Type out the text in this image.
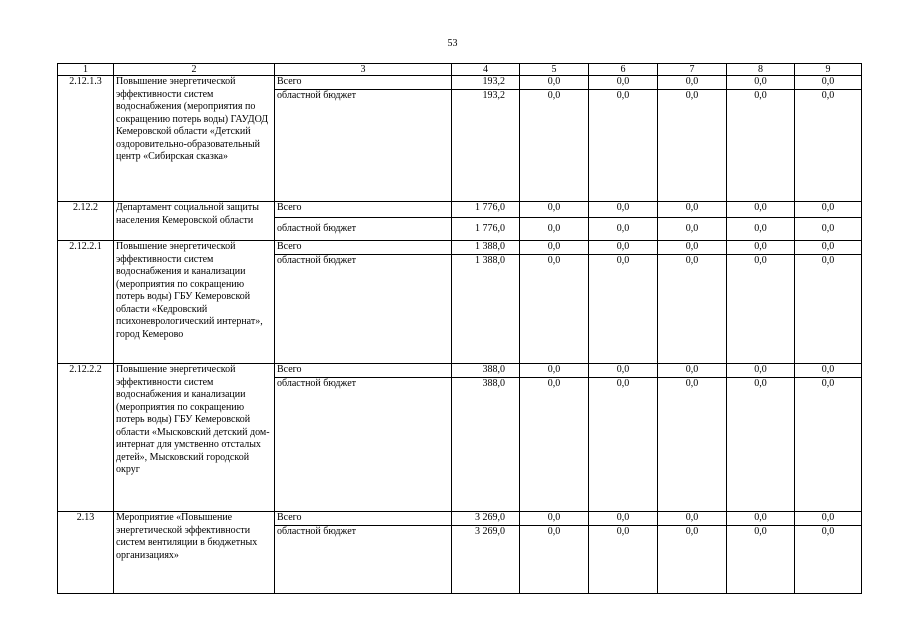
53
1	2	3	4	5	6	7	8	9
2.12.1.3	Повышение энергетической эффективности систем водоснабжения (мероприятия по сокращению потерь воды) ГАУДОД Кемеровской области «Детский оздоровительно-образовательный центр «Сибирская сказка»	Всего	193,2	0,0	0,0	0,0	0,0	0,0
		областной бюджет	193,2	0,0	0,0	0,0	0,0	0,0
2.12.2	Департамент социальной защиты населения Кемеровской области	Всего	1 776,0	0,0	0,0	0,0	0,0	0,0
		областной бюджет	1 776,0	0,0	0,0	0,0	0,0	0,0
2.12.2.1	Повышение энергетической эффективности систем водоснабжения и канализации (мероприятия по сокращению потерь воды) ГБУ Кемеровской области «Кедровский психоневрологический интернат», город Кемерово	Всего	1 388,0	0,0	0,0	0,0	0,0	0,0
		областной бюджет	1 388,0	0,0	0,0	0,0	0,0	0,0
2.12.2.2	Повышение энергетической эффективности систем водоснабжения и канализации (мероприятия по сокращению потерь воды) ГБУ Кемеровской области «Мысковский детский дом-интернат для умственно отсталых детей», Мысковский городской округ	Всего	388,0	0,0	0,0	0,0	0,0	0,0
		областной бюджет	388,0	0,0	0,0	0,0	0,0	0,0
2.13	Мероприятие «Повышение энергетической эффективности систем вентиляции в бюджетных организациях»	Всего	3 269,0	0,0	0,0	0,0	0,0	0,0
		областной бюджет	3 269,0	0,0	0,0	0,0	0,0	0,0
